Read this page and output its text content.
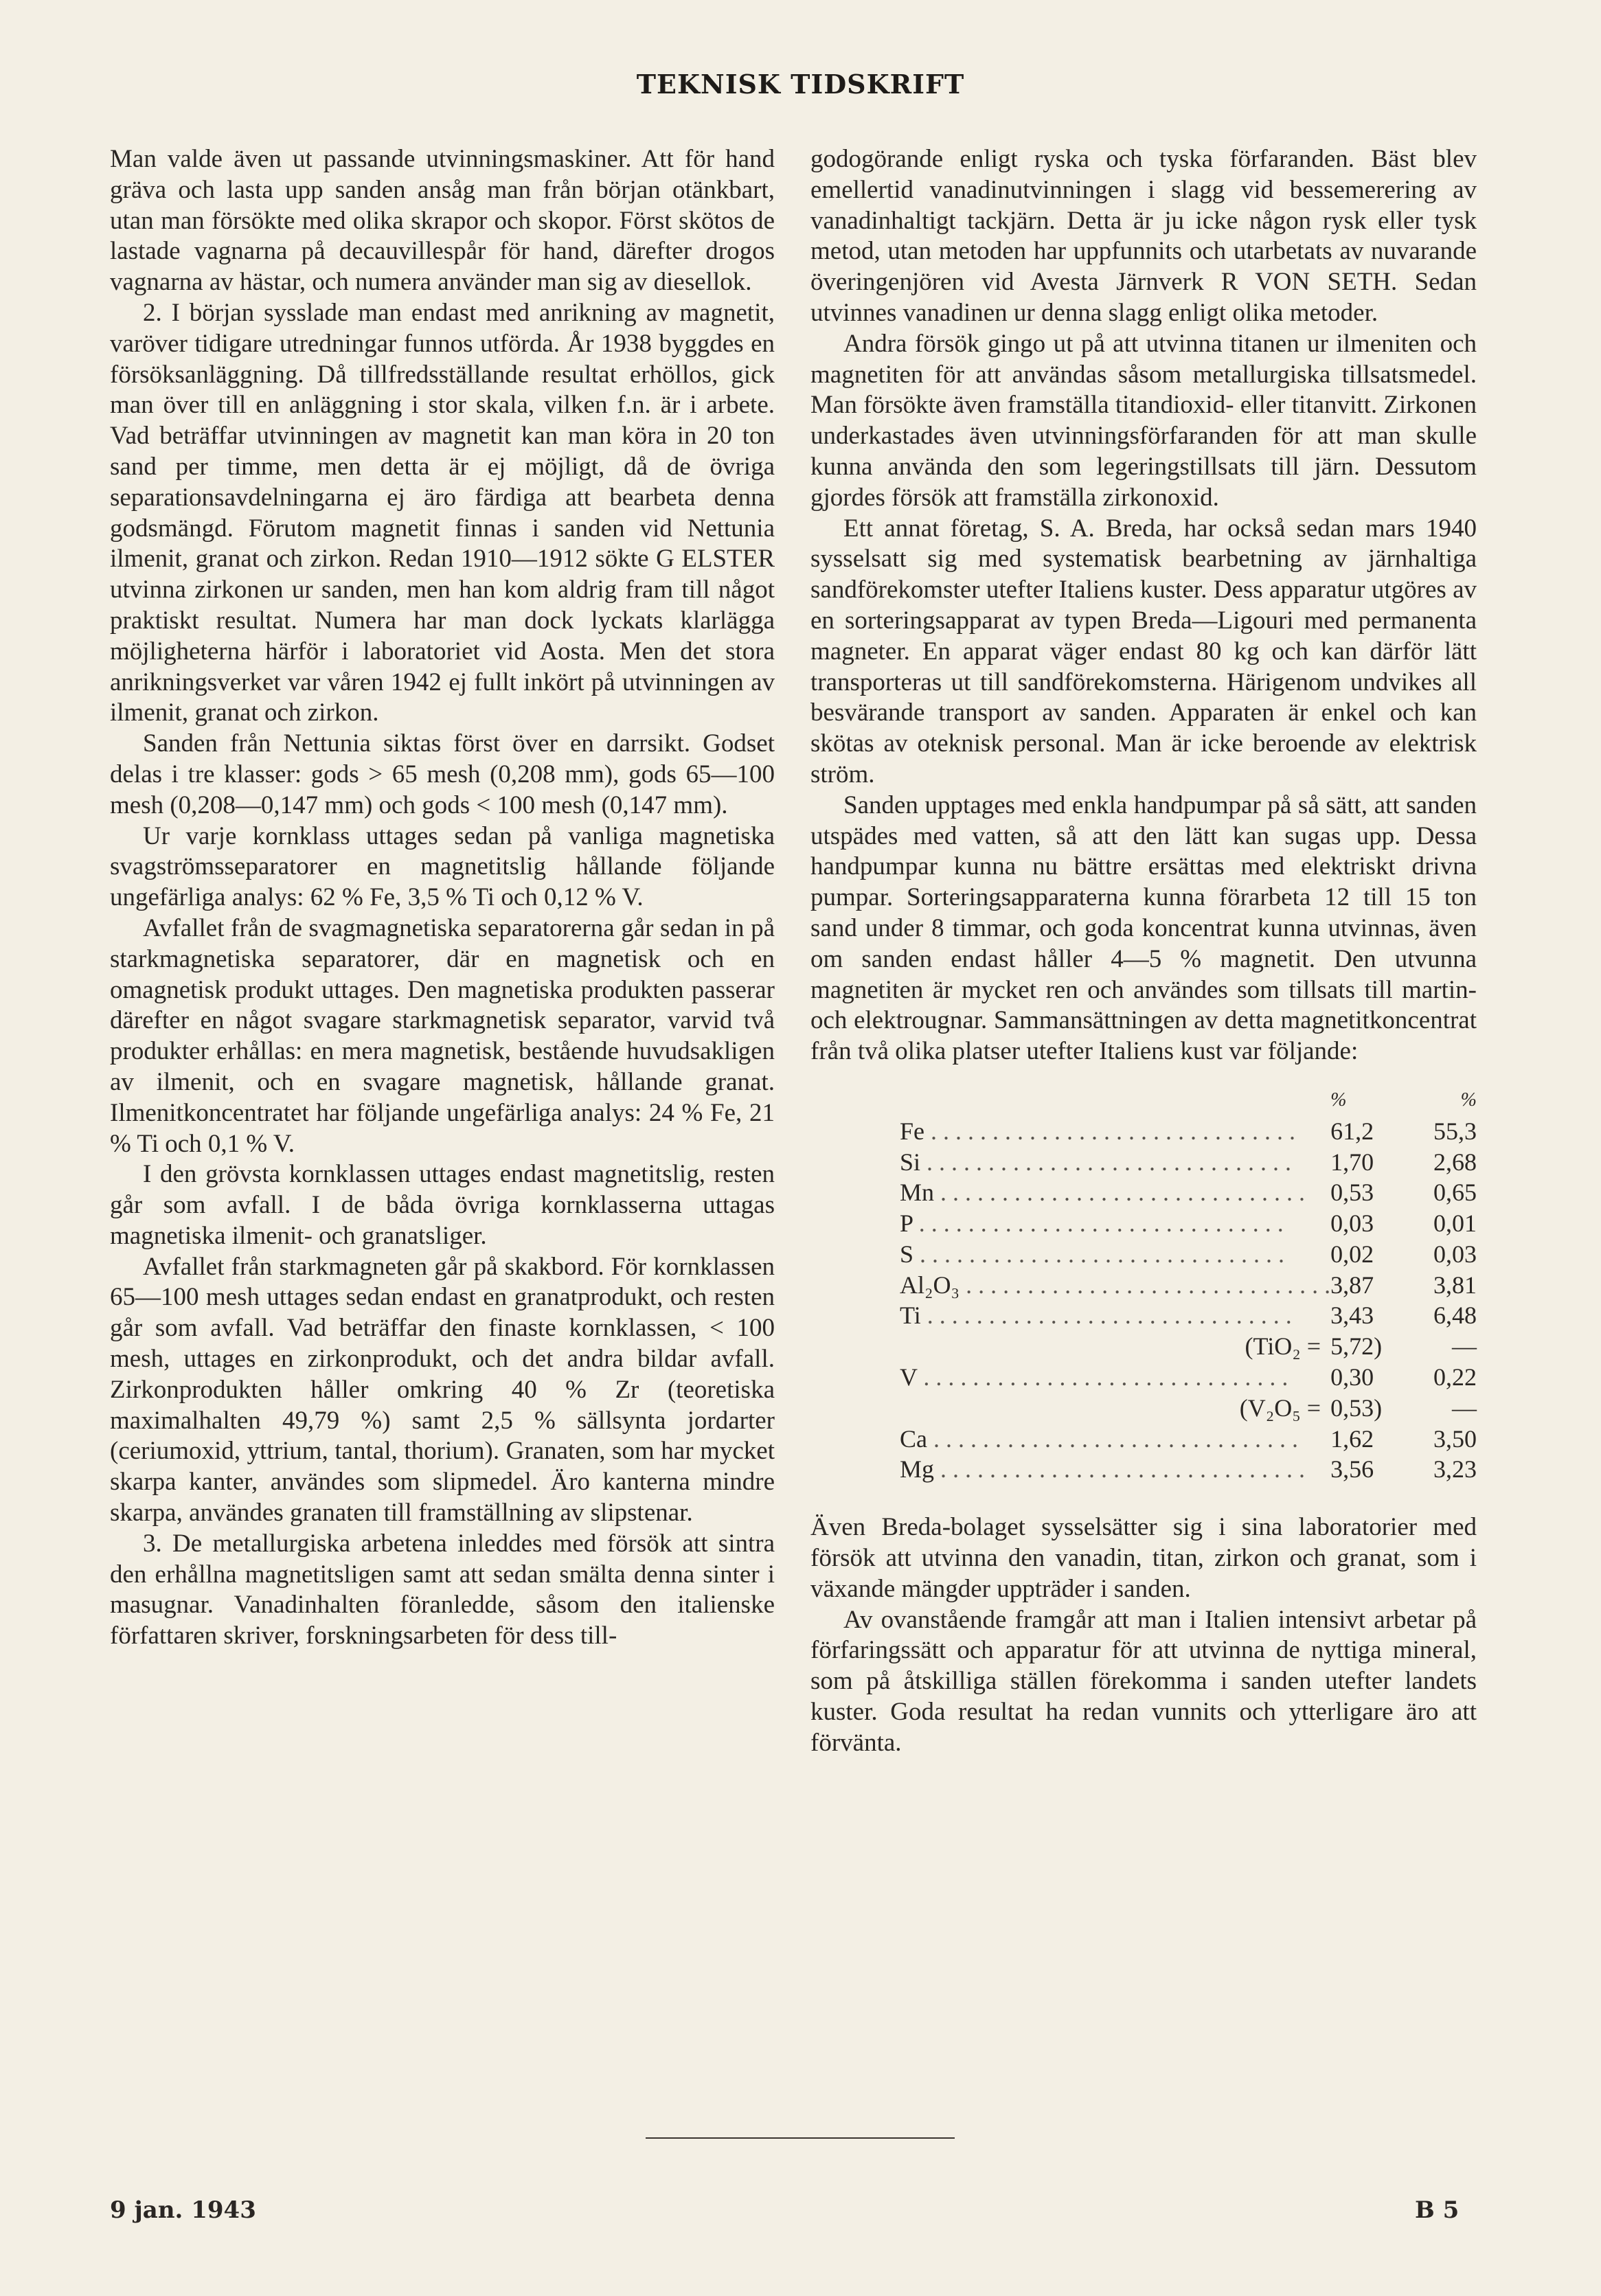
TEKNISK TIDSKRIFT

Man valde även ut passande utvinningsmaskiner. Att för hand gräva och lasta upp sanden ansåg man från början otänkbart, utan man försökte med olika skrapor och skopor. Först skötos de lastade vagnarna på decauvillespår för hand, därefter drogos vagnarna av hästar, och numera använder man sig av diesellok.

2. I början sysslade man endast med anrikning av magnetit, varöver tidigare utredningar funnos utförda. År 1938 byggdes en försöksanläggning. Då tillfredsställande resultat erhöllos, gick man över till en anläggning i stor skala, vilken f.n. är i arbete. Vad beträffar utvinningen av magnetit kan man köra in 20 ton sand per timme, men detta är ej möjligt, då de övriga separationsavdelningarna ej äro färdiga att bearbeta denna godsmängd. Förutom magnetit finnas i sanden vid Nettunia ilmenit, granat och zirkon. Redan 1910—1912 sökte G ELSTER utvinna zirkonen ur sanden, men han kom aldrig fram till något praktiskt resultat. Numera har man dock lyckats klarlägga möjligheterna härför i laboratoriet vid Aosta. Men det stora anrikningsverket var våren 1942 ej fullt inkört på utvinningen av ilmenit, granat och zirkon.

Sanden från Nettunia siktas först över en darrsikt. Godset delas i tre klasser: gods > 65 mesh (0,208 mm), gods 65—100 mesh (0,208—0,147 mm) och gods < 100 mesh (0,147 mm).

Ur varje kornklass uttages sedan på vanliga magnetiska svagströmsseparatorer en magnetitslig hållande följande ungefärliga analys: 62 % Fe, 3,5 % Ti och 0,12 % V.

Avfallet från de svagmagnetiska separatorerna går sedan in på starkmagnetiska separatorer, där en magnetisk och en omagnetisk produkt uttages. Den magnetiska produkten passerar därefter en något svagare starkmagnetisk separator, varvid två produkter erhållas: en mera magnetisk, bestående huvudsakligen av ilmenit, och en svagare magnetisk, hållande granat. Ilmenitkoncentratet har följande ungefärliga analys: 24 % Fe, 21 % Ti och 0,1 % V.

I den grövsta kornklassen uttages endast magnetitslig, resten går som avfall. I de båda övriga kornklasserna uttagas magnetiska ilmenit- och granatsliger.

Avfallet från starkmagneten går på skakbord. För kornklassen 65—100 mesh uttages sedan endast en granatprodukt, och resten går som avfall. Vad beträffar den finaste kornklassen, < 100 mesh, uttages en zirkonprodukt, och det andra bildar avfall. Zirkonprodukten håller omkring 40 % Zr (teoretiska maximalhalten 49,79 %) samt 2,5 % sällsynta jordarter (ceriumoxid, yttrium, tantal, thorium). Granaten, som har mycket skarpa kanter, användes som slipmedel. Äro kanterna mindre skarpa, användes granaten till framställning av slipstenar.

3. De metallurgiska arbetena inleddes med försök att sintra den erhållna magnetitsligen samt att sedan smälta denna sinter i masugnar. Vanadinhalten föranledde, såsom den italienske författaren skriver, forskningsarbeten för dess till-

godogörande enligt ryska och tyska förfaranden. Bäst blev emellertid vanadinutvinningen i slagg vid bessemerering av vanadinhaltigt tackjärn. Detta är ju icke någon rysk eller tysk metod, utan metoden har uppfunnits och utarbetats av nuvarande överingenjören vid Avesta Järnverk R VON SETH. Sedan utvinnes vanadinen ur denna slagg enligt olika metoder.

Andra försök gingo ut på att utvinna titanen ur ilmeniten och magnetiten för att användas såsom metallurgiska tillsatsmedel. Man försökte även framställa titandioxid- eller titanvitt. Zirkonen underkastades även utvinningsförfaranden för att man skulle kunna använda den som legeringstillsats till järn. Dessutom gjordes försök att framställa zirkonoxid.

Ett annat företag, S. A. Breda, har också sedan mars 1940 sysselsatt sig med systematisk bearbetning av järnhaltiga sandförekomster utefter Italiens kuster. Dess apparatur utgöres av en sorteringsapparat av typen Breda—Ligouri med permanenta magneter. En apparat väger endast 80 kg och kan därför lätt transporteras ut till sandförekomsterna. Härigenom undvikes all besvärande transport av sanden. Apparaten är enkel och kan skötas av oteknisk personal. Man är icke beroende av elektrisk ström.

Sanden upptages med enkla handpumpar på så sätt, att sanden utspädes med vatten, så att den lätt kan sugas upp. Dessa handpumpar kunna nu bättre ersättas med elektriskt drivna pumpar. Sorteringsapparaterna kunna förarbeta 12 till 15 ton sand under 8 timmar, och goda koncentrat kunna utvinnas, även om sanden endast håller 4—5 % magnetit. Den utvunna magnetiten är mycket ren och användes som tillsats till martin- och elektrougnar. Sammansättningen av detta magnetitkoncentrat från två olika platser utefter Italiens kust var följande:

	%	%
Fe . . . . . . . . . . . . . . . . . . . . . . . . . . . . . .	61,2	55,3
Si . . . . . . . . . . . . . . . . . . . . . . . . . . . . . .	1,70	2,68
Mn . . . . . . . . . . . . . . . . . . . . . . . . . . . . . .	0,53	0,65
P . . . . . . . . . . . . . . . . . . . . . . . . . . . . . .	0,03	0,01
S . . . . . . . . . . . . . . . . . . . . . . . . . . . . . .	0,02	0,03
Al₂O₃ . . . . . . . . . . . . . . . . . . . . . . . . . . . . . .	3,87	3,81
Ti . . . . . . . . . . . . . . . . . . . . . . . . . . . . . .	3,43	6,48
(TiO₂ =	5,72)	—
V . . . . . . . . . . . . . . . . . . . . . . . . . . . . . .	0,30	0,22
(V₂O₅ =	0,53)	—
Ca . . . . . . . . . . . . . . . . . . . . . . . . . . . . . .	1,62	3,50
Mg . . . . . . . . . . . . . . . . . . . . . . . . . . . . . .	3,56	3,23

Även Breda-bolaget sysselsätter sig i sina laboratorier med försök att utvinna den vanadin, titan, zirkon och granat, som i växande mängder uppträder i sanden.

Av ovanstående framgår att man i Italien intensivt arbetar på förfaringssätt och apparatur för att utvinna de nyttiga mineral, som på åtskilliga ställen förekomma i sanden utefter landets kuster. Goda resultat ha redan vunnits och ytterligare äro att förvänta.

9 jan. 1943	B 5
